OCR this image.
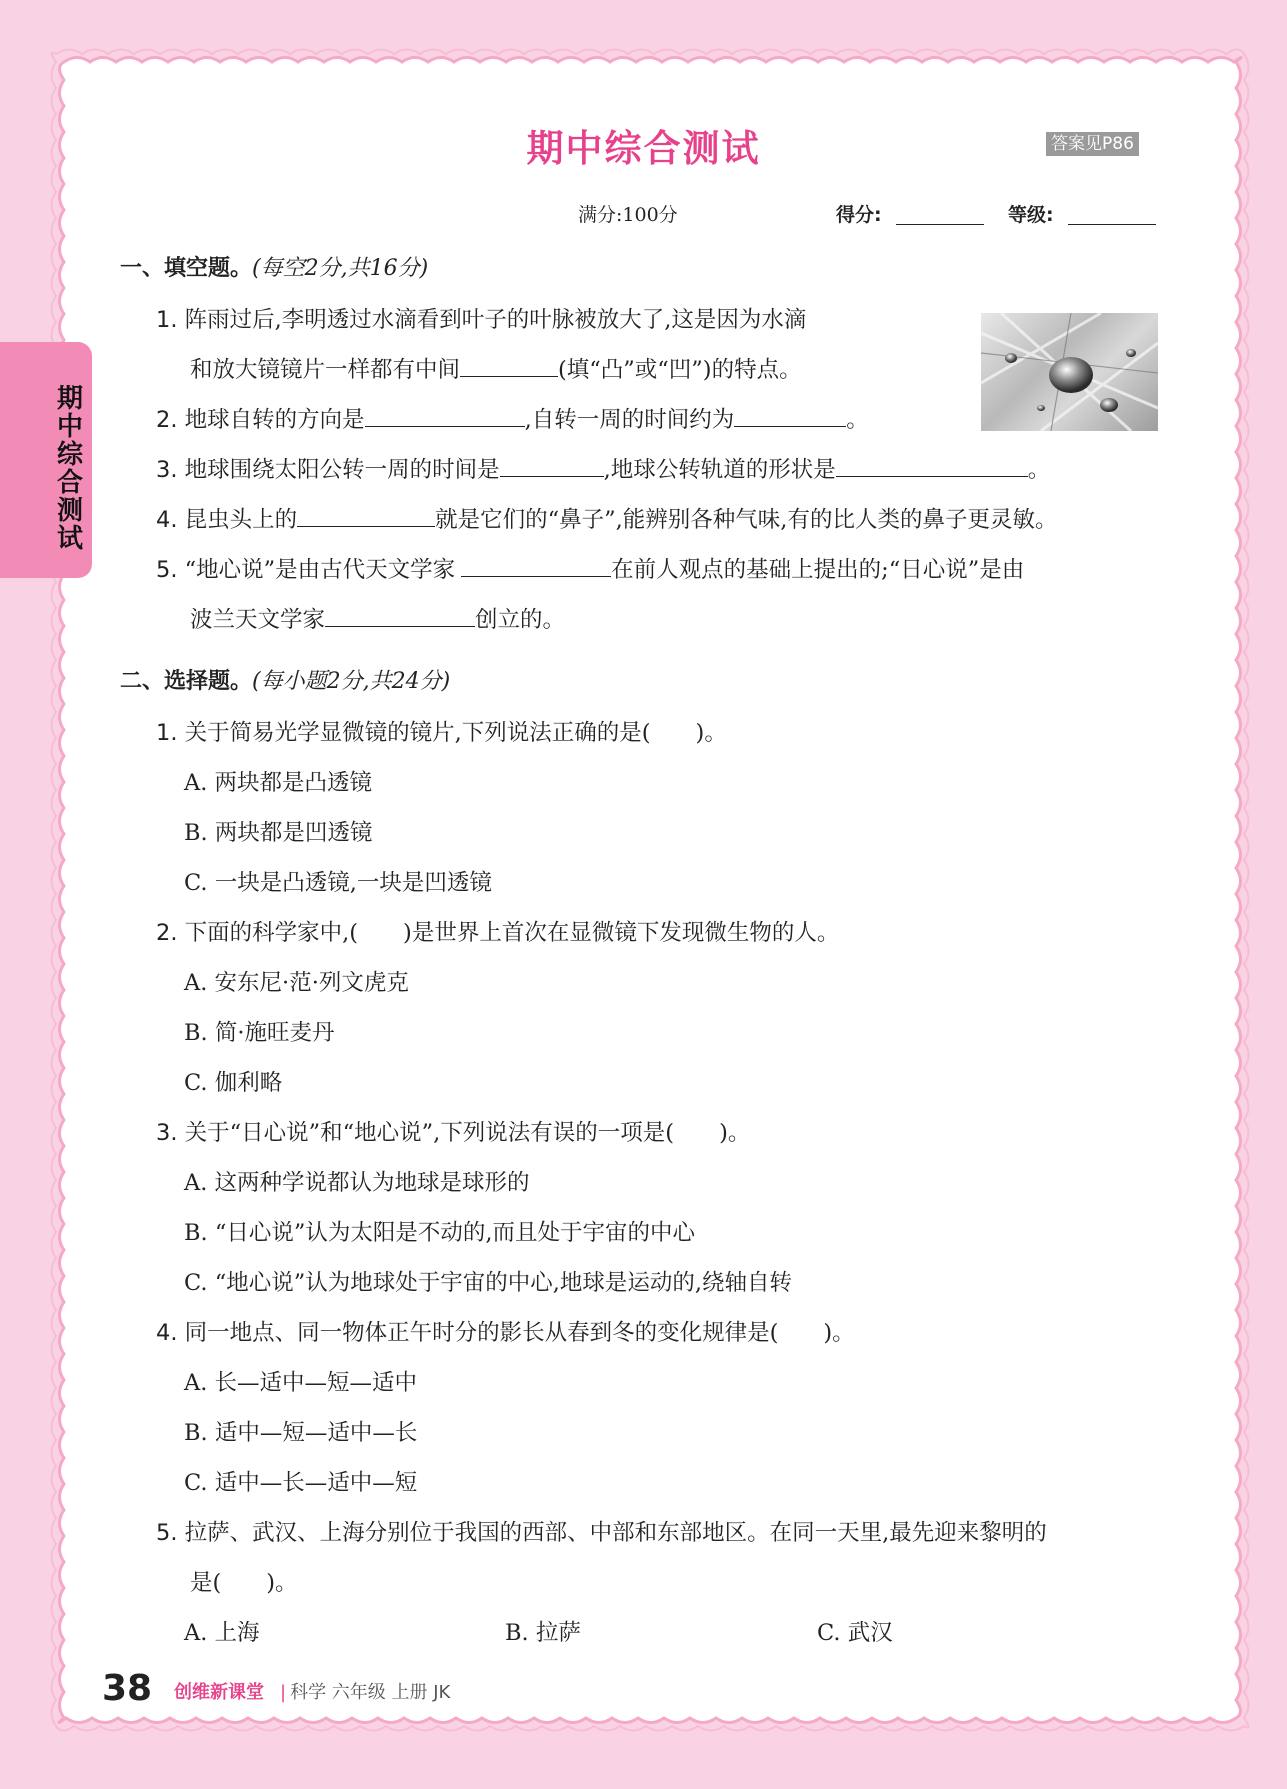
期中综合测试	答案见P86
满分:100分	得分:	等级:
期
中
综
合
测
试
一、填空题。(每空2分,共16分)
1. 阵雨过后,李明透过水滴看到叶子的叶脉被放大了,这是因为水滴
和放大镜镜片一样都有中间	(填“凸”或“凹”)的特点。
2. 地球自转的方向是	,自转一周的时间约为	。
3. 地球围绕太阳公转一周的时间是	,地球公转轨道的形状是	。
4. 昆虫头上的	就是它们的“鼻子”,能辨别各种气味,有的比人类的鼻子更灵敏。
5. “地心说”是由古代天文学家	在前人观点的基础上提出的;“日心说”是由
波兰天文学家	创立的。
二、选择题。(每小题2分,共24分)
1. 关于简易光学显微镜的镜片,下列说法正确的是(　　)。
A. 两块都是凸透镜
B. 两块都是凹透镜
C. 一块是凸透镜,一块是凹透镜
2. 下面的科学家中,(　　)是世界上首次在显微镜下发现微生物的人。
A. 安东尼·范·列文虎克
B. 简·施旺麦丹
C. 伽利略
3. 关于“日心说”和“地心说”,下列说法有误的一项是(　　)。
A. 这两种学说都认为地球是球形的
B. “日心说”认为太阳是不动的,而且处于宇宙的中心
C. “地心说”认为地球处于宇宙的中心,地球是运动的,绕轴自转
4. 同一地点、同一物体正午时分的影长从春到冬的变化规律是(　　)。
A. 长—适中—短—适中
B. 适中—短—适中—长
C. 适中—长—适中—短
5. 拉萨、武汉、上海分别位于我国的西部、中部和东部地区。在同一天里,最先迎来黎明的
是(　　)。
A. 上海	B. 拉萨	C. 武汉
38 创维新课堂 | 科学 六年级 上册 JK
